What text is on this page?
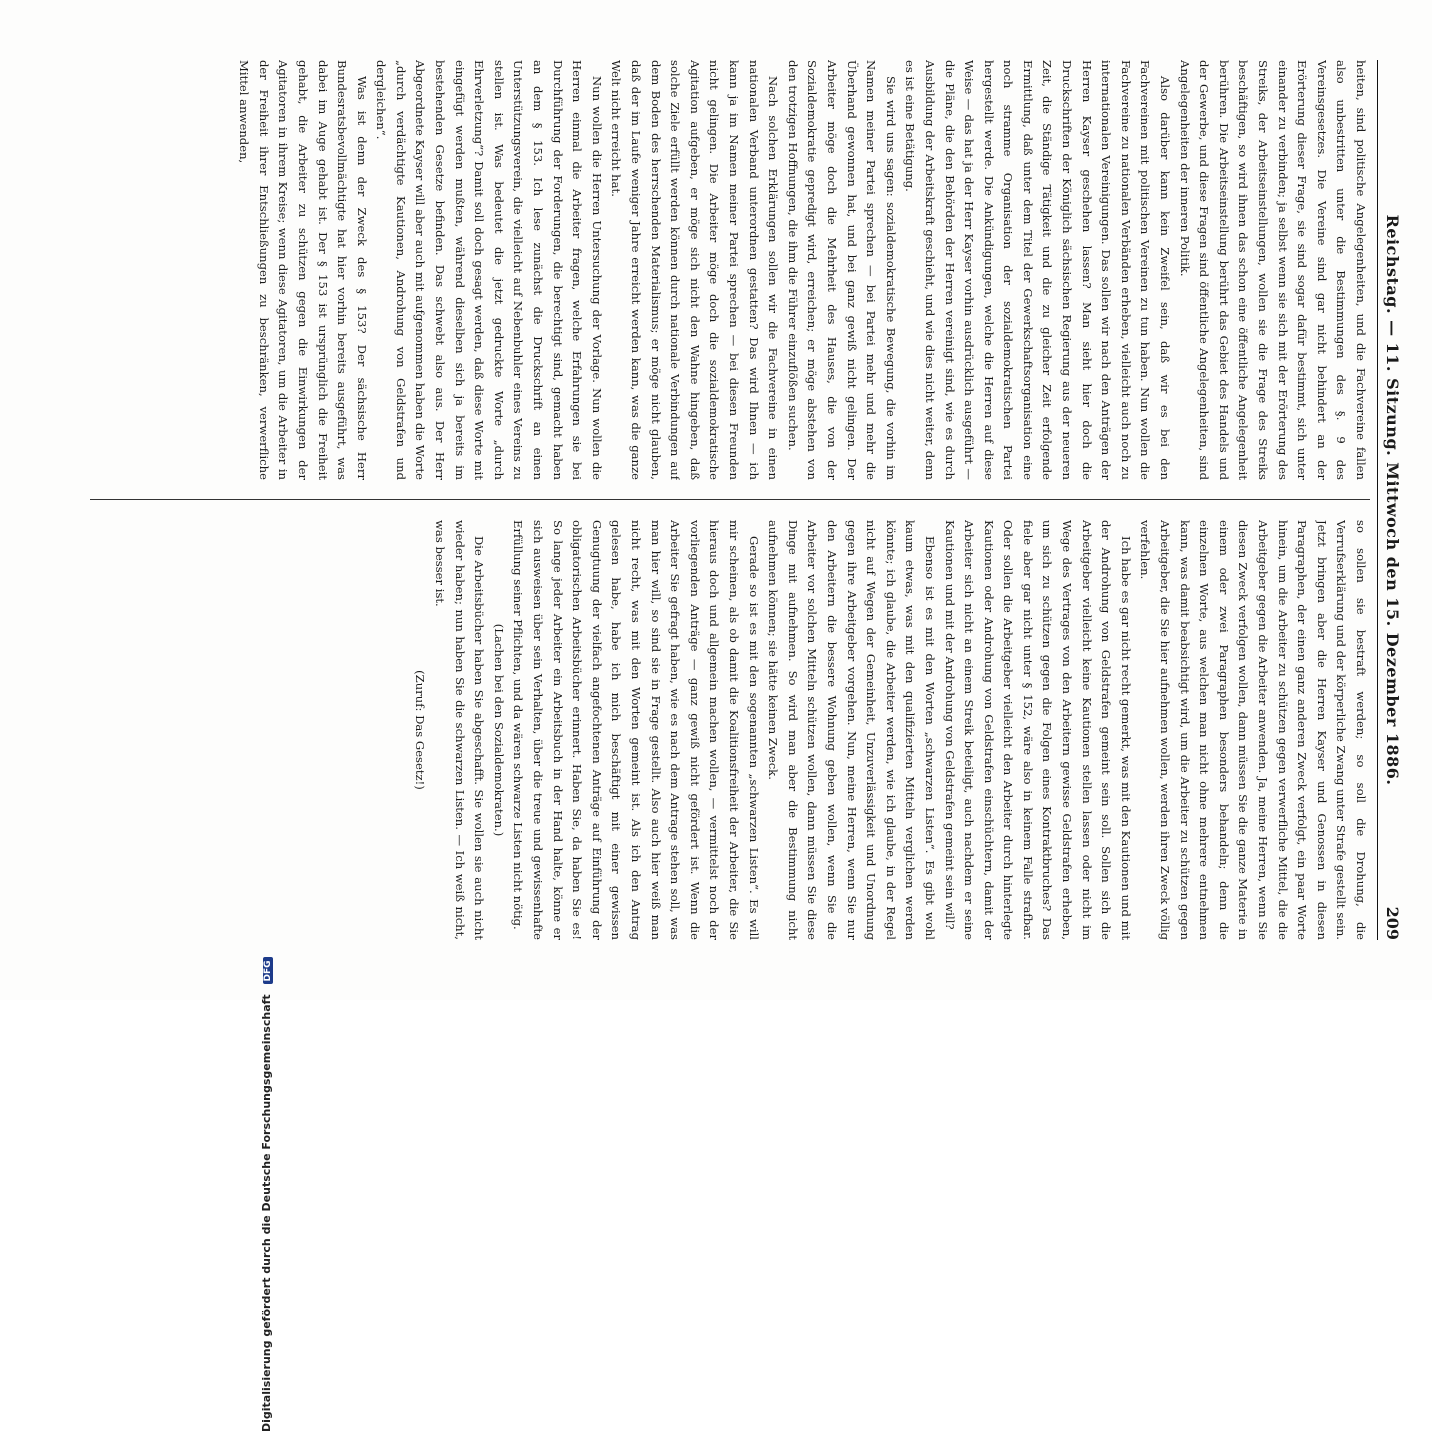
Reichstag. — 11. Sitzung. Mittwoch den 15. Dezember 1886.
209

heiten, sind politische Angelegenheiten, und die Fachvereine fallen also unbestritten unter die Bestimmungen des §. 9 des Vereinsgesetzes. Die Vereine sind gar nicht behindert an der Erörterung dieser Frage, sie sind sogar dafür bestimmt, sich unter einander zu verbinden; ja selbst wenn sie sich mit der Erörterung des Streiks, der Arbeitseinstellungen, wollen sie die Frage des Streiks beschäftigen, so wird ihnen das schon eine öffentliche Angelegenheit berühren. Die Arbeitseinstellung berührt das Gebiet des Handels und der Gewerbe, und diese Fragen sind öffentliche Angelegenheiten, sind Angelegenheiten der inneren Politik.

Also darüber kann kein Zweifel sein, daß wir es bei den Fachvereinen mit politischen Vereinen zu tun haben. Nun wollen die Fachvereine zu nationalen Verbänden erheben, vielleicht auch noch zu internationalen Vereinigungen. Das sollen wir nach den Anträgen der Herren Kayser geschehen lassen? Man sieht hier doch die Druckschriften der Königlich sächsischen Regierung aus der neueren Zeit, die Ständige Tätigkeit und die zu gleicher Zeit erfolgende Ermittlung, daß unter dem Titel der Gewerkschaftsorganisation eine noch stramme Organisation der sozialdemokratischen Partei hergestellt werde. Die Ankündigungen, welche die Herren auf diese Weise — das hat ja der Herr Kayser vorhin ausdrücklich ausgeführt — die Pläne, die den Behörden der Herren vereinigt sind, wie es durch Ausbildung der Arbeitskraft geschieht, und wie dies nicht weiter, denn es ist eine Betätigung.

Sie wird uns sagen: sozialdemokratische Bewegung, die vorhin im Namen meiner Partei sprechen — bei Partei mehr und mehr die Überhand gewonnen hat, und bei ganz gewiß nicht gelingen. Der Arbeiter möge doch die Mehrheit des Hauses, die von der Sozialdemokratie gepredigt wird, erreichen; er möge abstehen von den trotzigen Hoffnungen, die ihm die Führer einzuflößen suchen.

Nach solchen Erklärungen sollen wir die Fachvereine in einen nationalen Verband unterordnen gestatten? Das wird Ihnen — ich kann ja im Namen meiner Partei sprechen — bei diesen Freunden nicht gelingen. Die Arbeiter möge doch die sozialdemokratische Agitation aufgeben, er möge sich nicht den Wahne hingeben, daß solche Ziele erfüllt werden können durch nationale Verbindungen auf dem Boden des herrschenden Materialismus; er möge nicht glauben, daß der im Laufe weniger Jahre erreicht werden kann, was die ganze Welt nicht erreicht hat.

Nun wollen die Herren Untersuchung der Vorlage. Nun wollen die Herren einmal die Arbeiter fragen, welche Erfahrungen sie bei Durchführung der Forderungen, die berechtigt sind, gemacht haben an dem § 153. Ich lese zunächst die Druckschrift an einen Unterstützungsverein, die vielleicht auf Nebenbuhler eines Vereins zu stellen ist. Was bedeutet die jetzt gedruckte Worte „durch Ehrverletzung“? Damit soll doch gesagt werden, daß diese Worte mit eingefügt werden mußten, während dieselben sich ja bereits im bestehenden Gesetze befinden. Das schwebt also aus. Der Herr Abgeordnete Kayser will aber auch mit aufgenommen haben die Worte „durch verdächtigte Kautionen, Androhung von Geldstrafen und dergleichen“.

Was ist denn der Zweck des § 153? Der sächsische Herr Bundesratsbevollmächtigte hat hier vorhin bereits ausgeführt, was dabei im Auge gehabt ist. Der § 153 ist ursprünglich die Freiheit gehabt, die Arbeiter zu schützen gegen die Einwirkungen der Agitatoren in ihrem Kreise; wenn diese Agitatoren, um die Arbeiter in der Freiheit ihrer Entschließungen zu beschränken, verwerfliche Mittel anwenden,

so sollen sie bestraft werden; so soll die Drohung, die Verrufserklärung und der körperliche Zwang unter Strafe gestellt sein. Jetzt bringen aber die Herren Kayser und Genossen in diesen Paragraphen, der einen ganz anderen Zweck verfolgt, ein paar Worte hinein, um die Arbeiter zu schützen gegen verwerfliche Mittel, die die Arbeitgeber gegen die Arbeiter anwenden. Ja, meine Herren, wenn Sie diesen Zweck verfolgen wollen, dann müssen Sie die ganze Materie in einem oder zwei Paragraphen besonders behandeln; denn die einzelnen Worte, aus welchen man nicht ohne mehrere entnehmen kann, was damit beabsichtigt wird, um die Arbeiter zu schützen gegen Arbeitgeber, die Sie hier aufnehmen wollen, werden ihren Zweck völlig verfehlen.

Ich habe es gar nicht recht gemerkt, was mit den Kautionen und mit der Androhung von Geldstrafen gemeint sein soll. Sollen sich die Arbeitgeber vielleicht keine Kautionen stellen lassen oder nicht im Wege des Vertrages von den Arbeitern gewisse Geldstrafen erheben, um sich zu schützen gegen die Folgen eines Kontraktbruches? Das fiele aber gar nicht unter § 152, wäre also in keinem Falle strafbar. Oder sollen die Arbeitgeber vielleicht den Arbeiter durch hinterlegte Kautionen oder Androhung von Geldstrafen einschüchtern, damit der Arbeiter sich nicht an einem Streik beteiligt, auch nachdem er seine Kautionen und mit der Androhung von Geldstrafen gemeint sein will?

Ebenso ist es mit den Worten „schwarzen Listen“. Es gibt wohl kaum etwas, was mit den qualifizierten Mitteln verglichen werden könnte; ich glaube, die Arbeiter werden, wie ich glaube, in der Regel nicht auf Wegen der Gemeinheit, Unzuverlässigkeit und Unordnung gegen ihre Arbeitgeber vorgehen. Nun, meine Herren, wenn Sie nur den Arbeitern die bessere Wohnung geben wollen, wenn Sie die Arbeiter vor solchen Mitteln schützen wollen, dann müssen Sie diese Dinge mit aufnehmen. So wird man aber die Bestimmung nicht aufnehmen können; sie hätte keinen Zweck.

Gerade so ist es mit den sogenannten „schwarzen Listen“. Es will mir scheinen, als ob damit die Koalitionsfreiheit der Arbeiter, die Sie hieraus doch und allgemein machen wollen, — vermittelst noch der vorliegenden Anträge — ganz gewiß nicht gefördert ist. Wenn die Arbeiter Sie gefragt haben, wie es nach dem Antrage stehen soll, was man hier will, so sind sie in Frage gestellt. Also auch hier weiß man nicht recht, was mit den Worten gemeint ist. Als ich den Antrag gelesen habe, habe ich mich beschäftigt mit einer gewissen Genugtuung der vielfach angefochtenen Anträge auf Einführung der obligatorischen Arbeitsbücher erinnert. Haben Sie, da haben Sie es! So lange jeder Arbeiter ein Arbeitsbuch in der Hand halte, könne er sich ausweisen über sein Verhalten, über die treue und gewissenhafte Erfüllung seiner Pflichten, und da wären schwarze Listen nicht nötig.

(Lachen bei den Sozialdemokraten.)

Die Arbeitsbücher haben Sie abgeschafft. Sie wollen sie auch nicht wieder haben; nun haben Sie die schwarzen Listen. — Ich weiß nicht, was besser ist.

(Zuruf: Das Gesetz!)

Digitalisierung gefördert durch die Deutsche Forschungsgemeinschaft DFG
